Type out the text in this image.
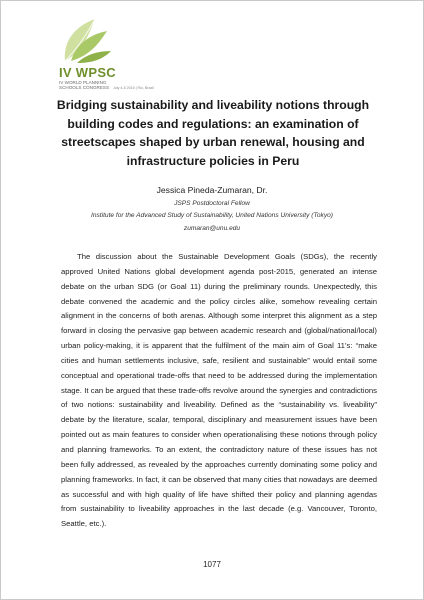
IV WPSC
IV WORLD PLANNING SCHOOLS CONGRESS	July 4-8 2016 | Rio, Brazil
Bridging sustainability and liveability notions through building codes and regulations: an examination of streetscapes shaped by urban renewal, housing and infrastructure policies in Peru

Jessica Pineda-Zumaran, Dr.

JSPS Postdoctoral Fellow

Institute for the Advanced Study of Sustainability, United Nations University (Tokyo)

zumaran@unu.edu

The discussion about the Sustainable Development Goals (SDGs), the recently approved United Nations global development agenda post-2015, generated an intense debate on the urban SDG (or Goal 11) during the preliminary rounds. Unexpectedly, this debate convened the academic and the policy circles alike, somehow revealing certain alignment in the concerns of both arenas. Although some interpret this alignment as a step forward in closing the pervasive gap between academic research and (global/national/local) urban policy-making, it is apparent that the fulfilment of the main aim of Goal 11’s: “make cities and human settlements inclusive, safe, resilient and sustainable” would entail some conceptual and operational trade-offs that need to be addressed during the implementation stage. It can be argued that these trade-offs revolve around the synergies and contradictions of two notions: sustainability and liveability. Defined as the “sustainability vs. liveability” debate by the literature, scalar, temporal, disciplinary and measurement issues have been pointed out as main features to consider when operationalising these notions through policy and planning frameworks. To an extent, the contradictory nature of these issues has not been fully addressed, as revealed by the approaches currently dominating some policy and planning frameworks. In fact, it can be observed that many cities that nowadays are deemed as successful and with high quality of life have shifted their policy and planning agendas from sustainability to liveability approaches in the last decade (e.g. Vancouver, Toronto, Seattle, etc.).

1077
